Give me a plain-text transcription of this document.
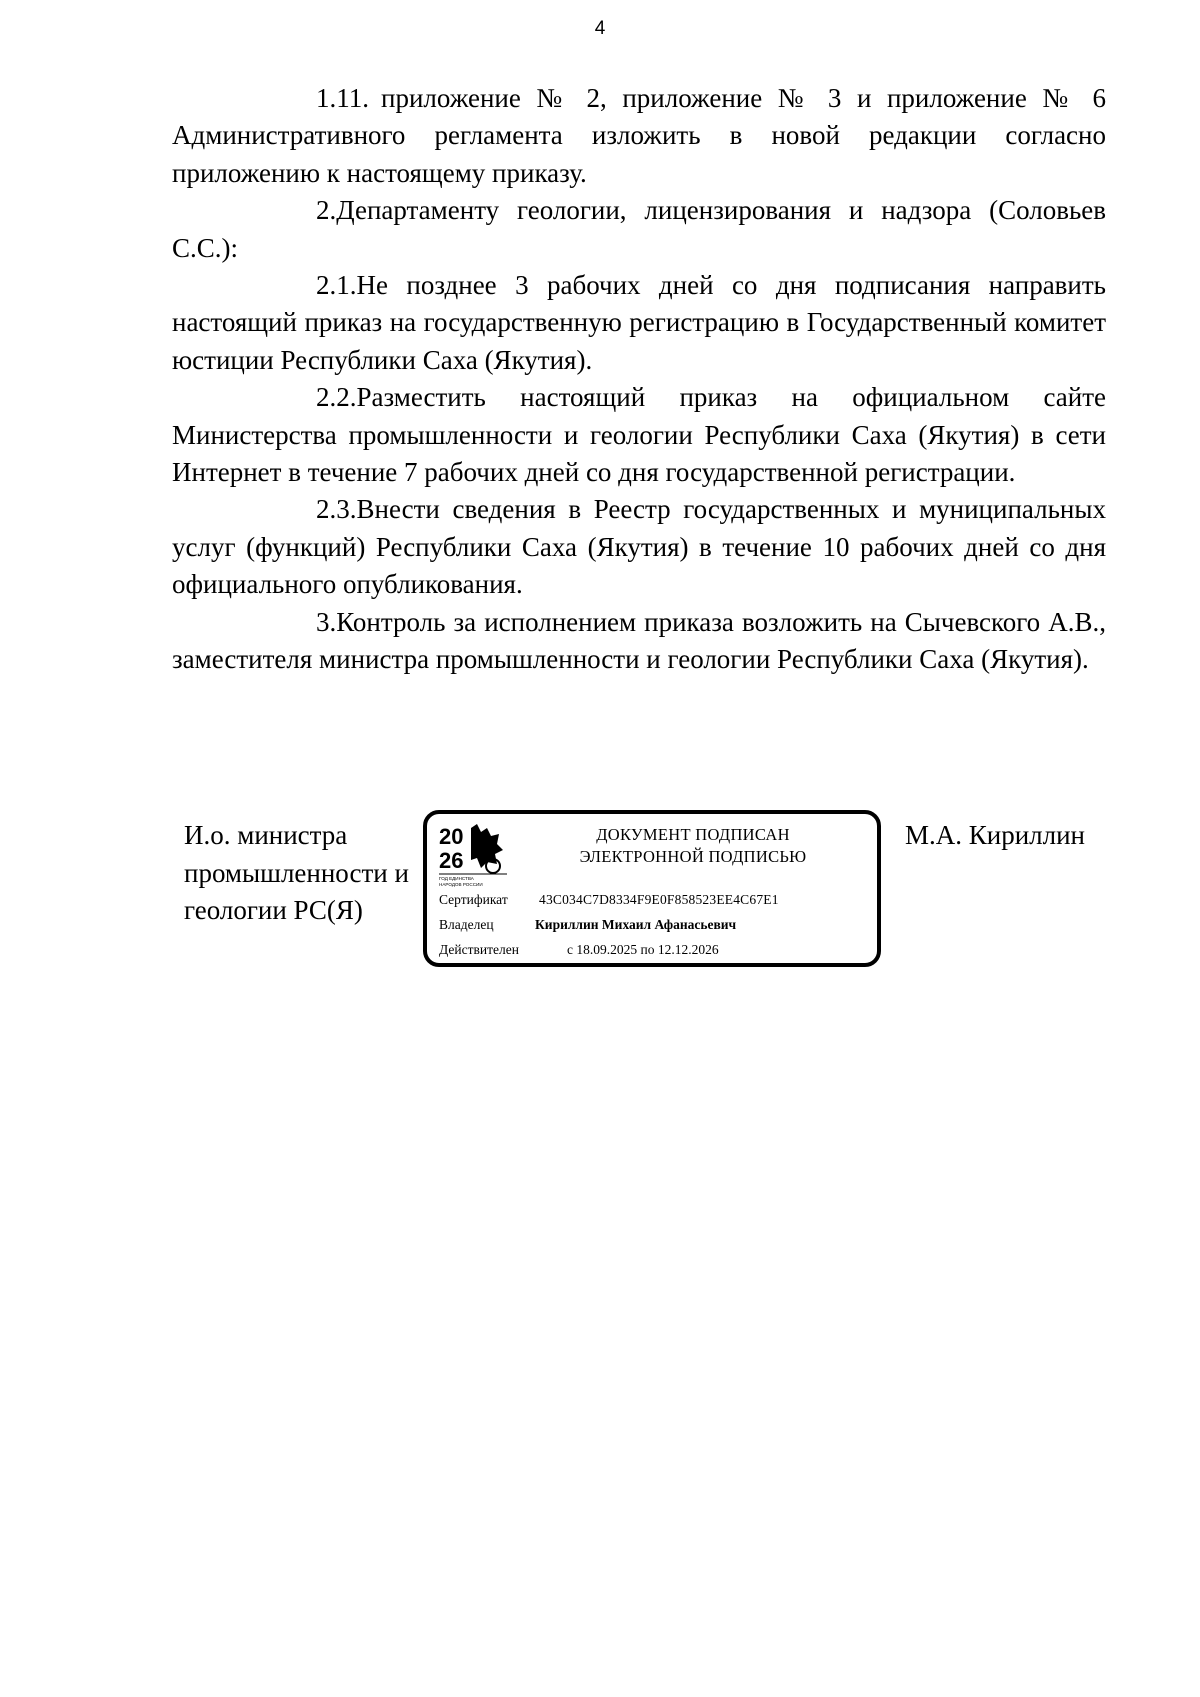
4

1.11. приложение № 2, приложение № 3 и приложение № 6 Административного регламента изложить в новой редакции согласно приложению к настоящему приказу.

2.Департаменту геологии, лицензирования и надзора (Соловьев С.С.):

2.1.Не позднее 3 рабочих дней со дня подписания направить настоящий приказ на государственную регистрацию в Государственный комитет юстиции Республики Саха (Якутия).

2.2.Разместить настоящий приказ на официальном сайте Министерства промышленности и геологии Республики Саха (Якутия) в сети Интернет в течение 7 рабочих дней со дня государственной регистрации.

2.3.Внести сведения в Реестр государственных и муниципальных услуг (функций) Республики Саха (Якутия) в течение 10 рабочих дней со дня официального опубликования.

3.Контроль за исполнением приказа возложить на Сычевского А.В., заместителя министра промышленности и геологии Республики Саха (Якутия).

И.о. министра
промышленности и
геологии РС(Я)
20
26
ГОД ЕДИНСТВА
НАРОДОВ РОССИИ
ДОКУМЕНТ ПОДПИСАН
ЭЛЕКТРОННОЙ ПОДПИСЬЮ
Сертификат 43C034C7D8334F9E0F858523EE4C67E1
Владелец	Кириллин Михаил Афанасьевич
Действителен	с 18.09.2025 по 12.12.2026
М.А. Кириллин
